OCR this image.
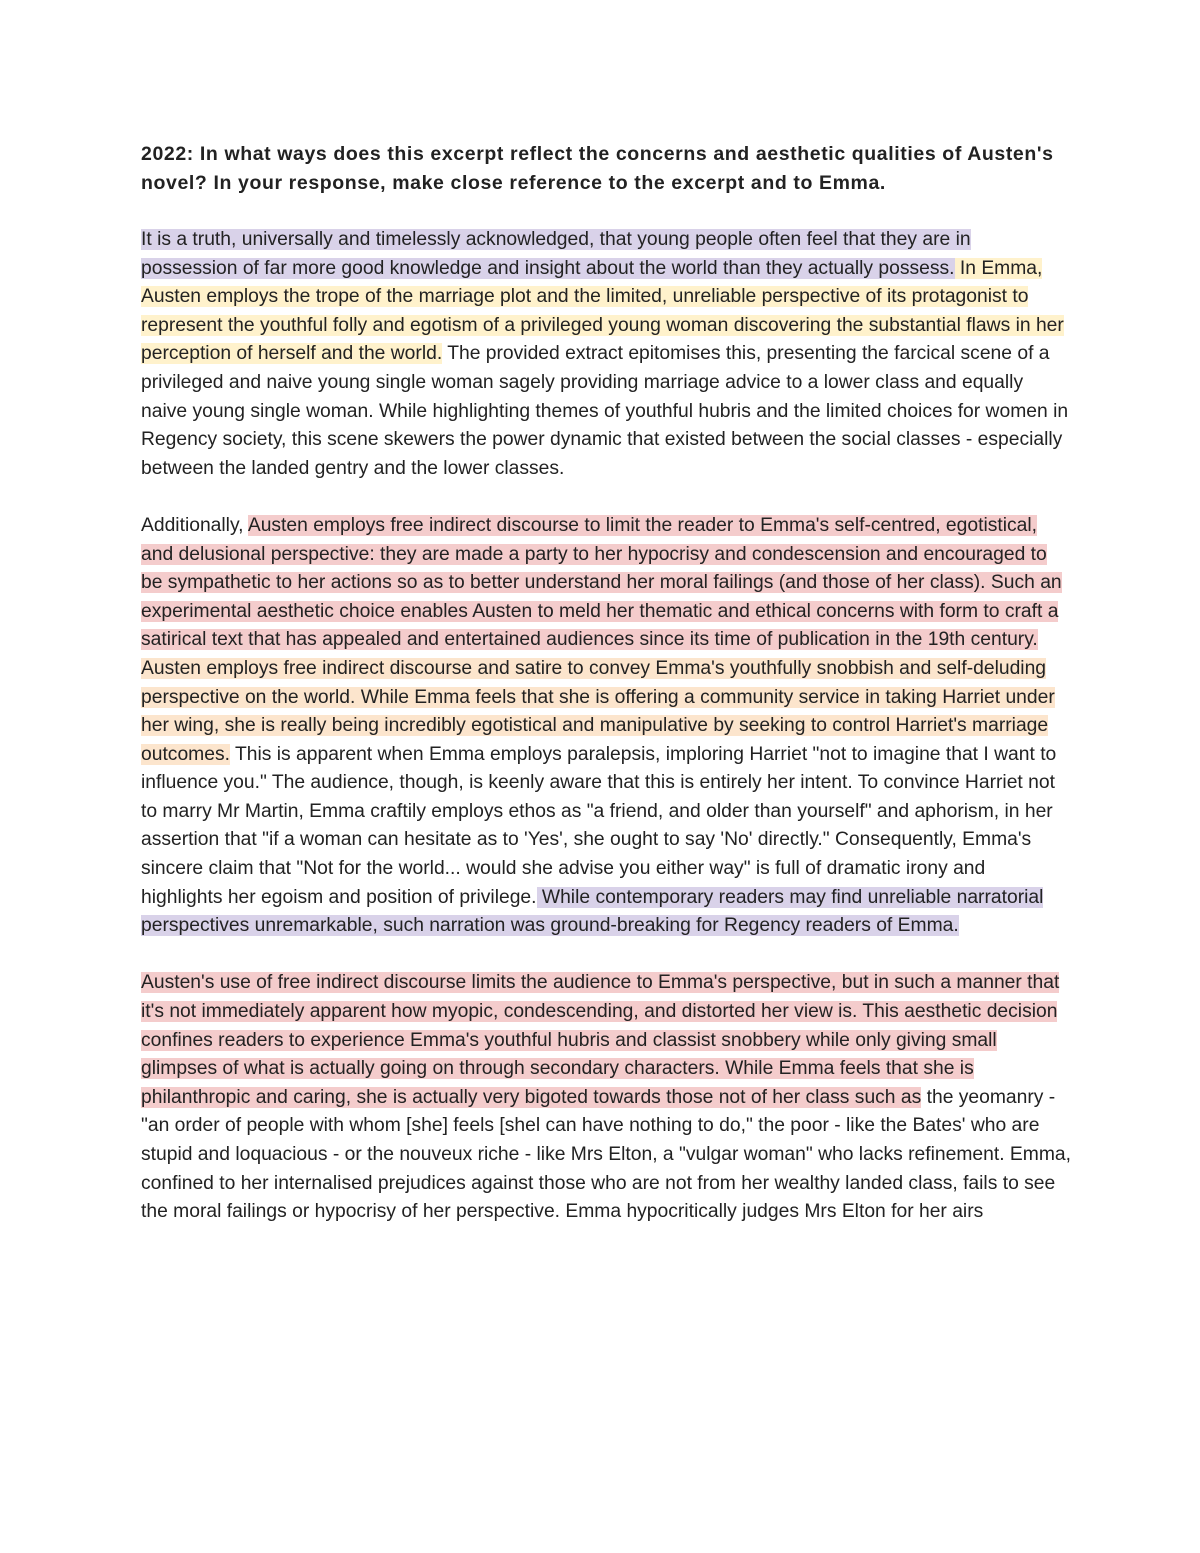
2022: In what ways does this excerpt reflect the concerns and aesthetic qualities of Austen's novel? In your response, make close reference to the excerpt and to Emma.

It is a truth, universally and timelessly acknowledged, that young people often feel that they are in possession of far more good knowledge and insight about the world than they actually possess. In Emma, Austen employs the trope of the marriage plot and the limited, unreliable perspective of its protagonist to represent the youthful folly and egotism of a privileged young woman discovering the substantial flaws in her perception of herself and the world. The provided extract epitomises this, presenting the farcical scene of a privileged and naive young single woman sagely providing marriage advice to a lower class and equally naive young single woman. While highlighting themes of youthful hubris and the limited choices for women in Regency society, this scene skewers the power dynamic that existed between the social classes - especially between the landed gentry and the lower classes.

Additionally, Austen employs free indirect discourse to limit the reader to Emma's self-centred, egotistical, and delusional perspective: they are made a party to her hypocrisy and condescension and encouraged to be sympathetic to her actions so as to better understand her moral failings (and those of her class). Such an experimental aesthetic choice enables Austen to meld her thematic and ethical concerns with form to craft a satirical text that has appealed and entertained audiences since its time of publication in the 19th century.

Austen employs free indirect discourse and satire to convey Emma's youthfully snobbish and self-deluding perspective on the world. While Emma feels that she is offering a community service in taking Harriet under her wing, she is really being incredibly egotistical and manipulative by seeking to control Harriet's marriage outcomes. This is apparent when Emma employs paralepsis, imploring Harriet "not to imagine that I want to influence you." The audience, though, is keenly aware that this is entirely her intent. To convince Harriet not to marry Mr Martin, Emma craftily employs ethos as "a friend, and older than yourself" and aphorism, in her assertion that "if a woman can hesitate as to 'Yes', she ought to say 'No' directly." Consequently, Emma's sincere claim that "Not for the world... would she advise you either way" is full of dramatic irony and highlights her egoism and position of privilege. While contemporary readers may find unreliable narratorial perspectives unremarkable, such narration was ground-breaking for Regency readers of Emma.

Austen's use of free indirect discourse limits the audience to Emma's perspective, but in such a manner that it's not immediately apparent how myopic, condescending, and distorted her view is. This aesthetic decision confines readers to experience Emma's youthful hubris and classist snobbery while only giving small glimpses of what is actually going on through secondary characters. While Emma feels that she is philanthropic and caring, she is actually very bigoted towards those not of her class such as the yeomanry - "an order of people with whom [she] feels [shel can have nothing to do," the poor - like the Bates' who are stupid and loquacious - or the nouveux riche - like Mrs Elton, a "vulgar woman" who lacks refinement. Emma, confined to her internalised prejudices against those who are not from her wealthy landed class, fails to see the moral failings or hypocrisy of her perspective. Emma hypocritically judges Mrs Elton for her airs
